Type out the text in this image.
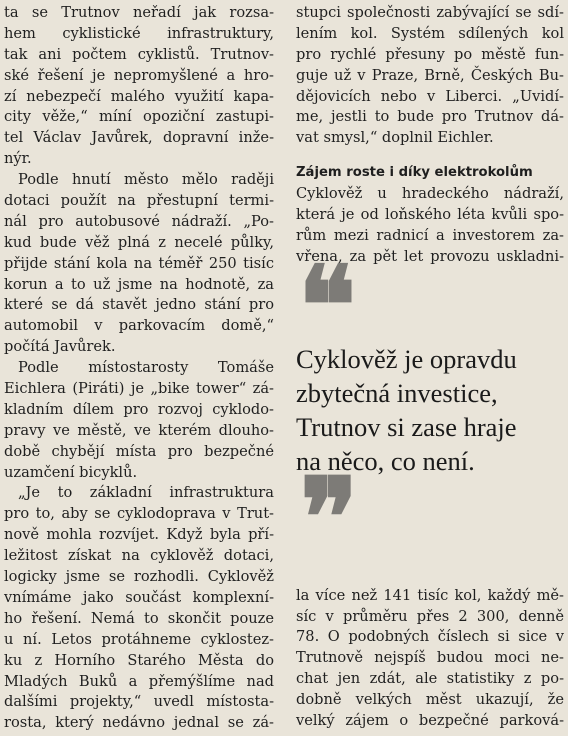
ta se Trutnov neřadí jak rozsa-
hem cyklistické infrastruktury,
tak ani počtem cyklistů. Trutnov-
ské řešení je nepromyšlené a hro-
zí nebezpečí malého využití kapa-
city věže,“ míní opoziční zastupi-
tel Václav Javůrek, dopravní inže-
nýr.
Podle hnutí město mělo raději
dotaci použít na přestupní termi-
nál pro autobusové nádraží. „Po-
kud bude věž plná z necelé půlky,
přijde stání kola na téměř 250 tisíc
korun a to už jsme na hodnotě, za
které se dá stavět jedno stání pro
automobil v parkovacím domě,“
počítá Javůrek.
Podle místostarosty Tomáše
Eichlera (Piráti) je „bike tower“ zá-
kladním dílem pro rozvoj cyklodo-
pravy ve městě, ve kterém dlouho-
době chybějí místa pro bezpečné
uzamčení bicyklů.
„Je to základní infrastruktura
pro to, aby se cyklodoprava v Trut-
nově mohla rozvíjet. Když byla pří-
ležitost získat na cyklověž dotaci,
logicky jsme se rozhodli. Cyklověž
vnímáme jako součást komplexní-
ho řešení. Nemá to skončit pouze
u ní. Letos protáhneme cyklostez-
ku z Horního Starého Města do
Mladých Buků a přemýšlíme nad
dalšími projekty,“ uvedl místosta-
rosta, který nedávno jednal se zá-
stupci společnosti zabývající se sdí-
lením kol. Systém sdílených kol
pro rychlé přesuny po městě fun-
guje už v Praze, Brně, Českých Bu-
dějovicích nebo v Liberci. „Uvidí-
me, jestli to bude pro Trutnov dá-
vat smysl,“ doplnil Eichler.
Zájem roste i díky elektrokolům
Cyklověž u hradeckého nádraží,
která je od loňského léta kvůli spo-
rům mezi radnicí a investorem za-
vřena, za pět let provozu uskladni-
❝
Cyklověž je opravdu
zbytečná investice,
Trutnov si zase hraje
na něco, co není.
❞
la více než 141 tisíc kol, každý mě-
síc v průměru přes 2 300, denně
78. O podobných číslech si sice v
Trutnově nejspíš budou moci ne-
chat jen zdát, ale statistiky z po-
dobně velkých měst ukazují, že
velký zájem o bezpečné parková-
